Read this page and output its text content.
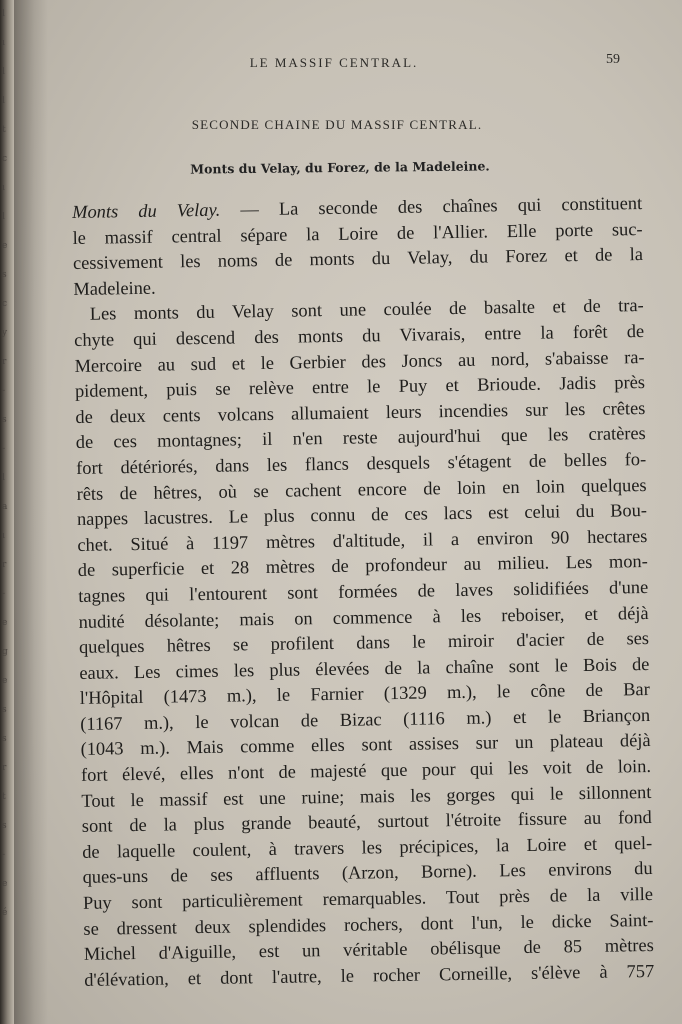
l
ı
l
l
t
c
ı
l
e
s
c
y
r
-
s
-
l
a
ı
r
-
e
g
e
s
s
r
t
s
-
e
é
LE MASSIF CENTRAL.	59
SECONDE CHAINE DU MASSIF CENTRAL.
Monts du Velay, du Forez, de la Madeleine.
Monts du Velay. — La seconde des chaînes qui constituent
le massif central sépare la Loire de l'Allier. Elle porte suc-
cessivement les noms de monts du Velay, du Forez et de la
Madeleine.
Les monts du Velay sont une coulée de basalte et de tra-
chyte qui descend des monts du Vivarais, entre la forêt de
Mercoire au sud et le Gerbier des Joncs au nord, s'abaisse ra-
pidement, puis se relève entre le Puy et Brioude. Jadis près
de deux cents volcans allumaient leurs incendies sur les crêtes
de ces montagnes; il n'en reste aujourd'hui que les cratères
fort détériorés, dans les flancs desquels s'étagent de belles fo-
rêts de hêtres, où se cachent encore de loin en loin quelques
nappes lacustres. Le plus connu de ces lacs est celui du Bou-
chet. Situé à 1197 mètres d'altitude, il a environ 90 hectares
de superficie et 28 mètres de profondeur au milieu. Les mon-
tagnes qui l'entourent sont formées de laves solidifiées d'une
nudité désolante; mais on commence à les reboiser, et déjà
quelques hêtres se profilent dans le miroir d'acier de ses
eaux. Les cimes les plus élevées de la chaîne sont le Bois de
l'Hôpital (1473 m.), le Farnier (1329 m.), le cône de Bar
(1167 m.), le volcan de Bizac (1116 m.) et le Briançon
(1043 m.). Mais comme elles sont assises sur un plateau déjà
fort élevé, elles n'ont de majesté que pour qui les voit de loin.
Tout le massif est une ruine; mais les gorges qui le sillonnent
sont de la plus grande beauté, surtout l'étroite fissure au fond
de laquelle coulent, à travers les précipices, la Loire et quel-
ques-uns de ses affluents (Arzon, Borne). Les environs du
Puy sont particulièrement remarquables. Tout près de la ville
se dressent deux splendides rochers, dont l'un, le dicke Saint-
Michel d'Aiguille, est un véritable obélisque de 85 mètres
d'élévation, et dont l'autre, le rocher Corneille, s'élève à 757
